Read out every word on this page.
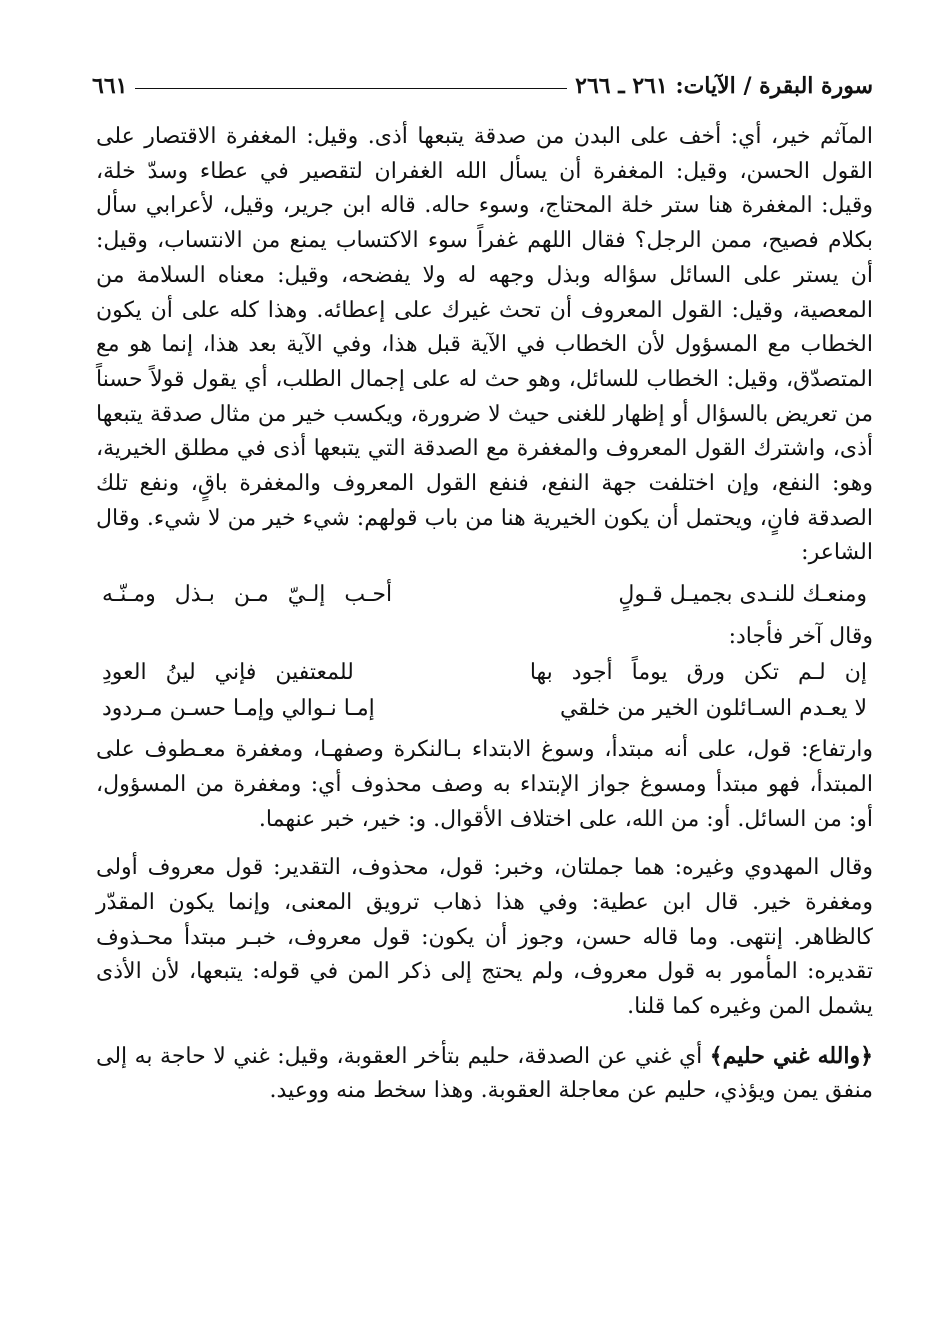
سورة البقرة / الآيات: ٢٦١ ـ ٢٦٦
٦٦١

المآثم خير، أي: أخف على البدن من صدقة يتبعها أذى. وقيل: المغفرة الاقتصار على القول الحسن، وقيل: المغفرة أن يسأل الله الغفران لتقصير في عطاء وسدّ خلة، وقيل: المغفرة هنا ستر خلة المحتاج، وسوء حاله. قاله ابن جرير، وقيل، لأعرابي سأل بكلام فصيح، ممن الرجل؟ فقال اللهم غفراً سوء الاكتساب يمنع من الانتساب، وقيل: أن يستر على السائل سؤاله وبذل وجهه له ولا يفضحه، وقيل: معناه السلامة من المعصية، وقيل: القول المعروف أن تحث غيرك على إعطائه. وهذا كله على أن يكون الخطاب مع المسؤول لأن الخطاب في الآية قبل هذا، وفي الآية بعد هذا، إنما هو مع المتصدّق، وقيل: الخطاب للسائل، وهو حث له على إجمال الطلب، أي يقول قولاً حسناً من تعريض بالسؤال أو إظهار للغنى حيث لا ضرورة، ويكسب خير من مثال صدقة يتبعها أذى، واشترك القول المعروف والمغفرة مع الصدقة التي يتبعها أذى في مطلق الخيرية، وهو: النفع، وإن اختلفت جهة النفع، فنفع القول المعروف والمغفرة باقٍ، ونفع تلك الصدقة فانٍ، ويحتمل أن يكون الخيرية هنا من باب قولهم: شيء خير من لا شيء. وقال الشاعر:

ومنعـك للنـدى بجميـل قـولٍ
أحـب إلـيّ مـن بـذل ومـنّـه
وقال آخر فأجاد:
إن لـم تكن ورق يوماً أجود بها
للمعتفين فإني لينُ العودِ
لا يعـدم السـائلون الخير من خلقي
إمـا نـوالي وإمـا حسـن مـردود

وارتفاع: قول، على أنه مبتدأ، وسوغ الابتداء بـالنكرة وصفهـا، ومغفرة معـطوف على المبتدأ، فهو مبتدأ ومسوغ جواز الإبتداء به وصف محذوف أي: ومغفرة من المسؤول، أو: من السائل. أو: من الله، على اختلاف الأقوال. و: خير، خبر عنهما.

وقال المهدوي وغيره: هما جملتان، وخبر: قول، محذوف، التقدير: قول معروف أولى ومغفرة خير. قال ابن عطية: وفي هذا ذهاب ترويق المعنى، وإنما يكون المقدّر كالظاهر. إنتهى. وما قاله حسن، وجوز أن يكون: قول معروف، خبـر مبتدأ محـذوف تقديره: المأمور به قول معروف، ولم يحتج إلى ذكر المن في قوله: يتبعها، لأن الأذى يشمل المن وغيره كما قلنا.

﴿والله غني حليم﴾ أي غني عن الصدقة، حليم بتأخر العقوبة، وقيل: غني لا حاجة به إلى منفق يمن ويؤذي، حليم عن معاجلة العقوبة. وهذا سخط منه ووعيد.
